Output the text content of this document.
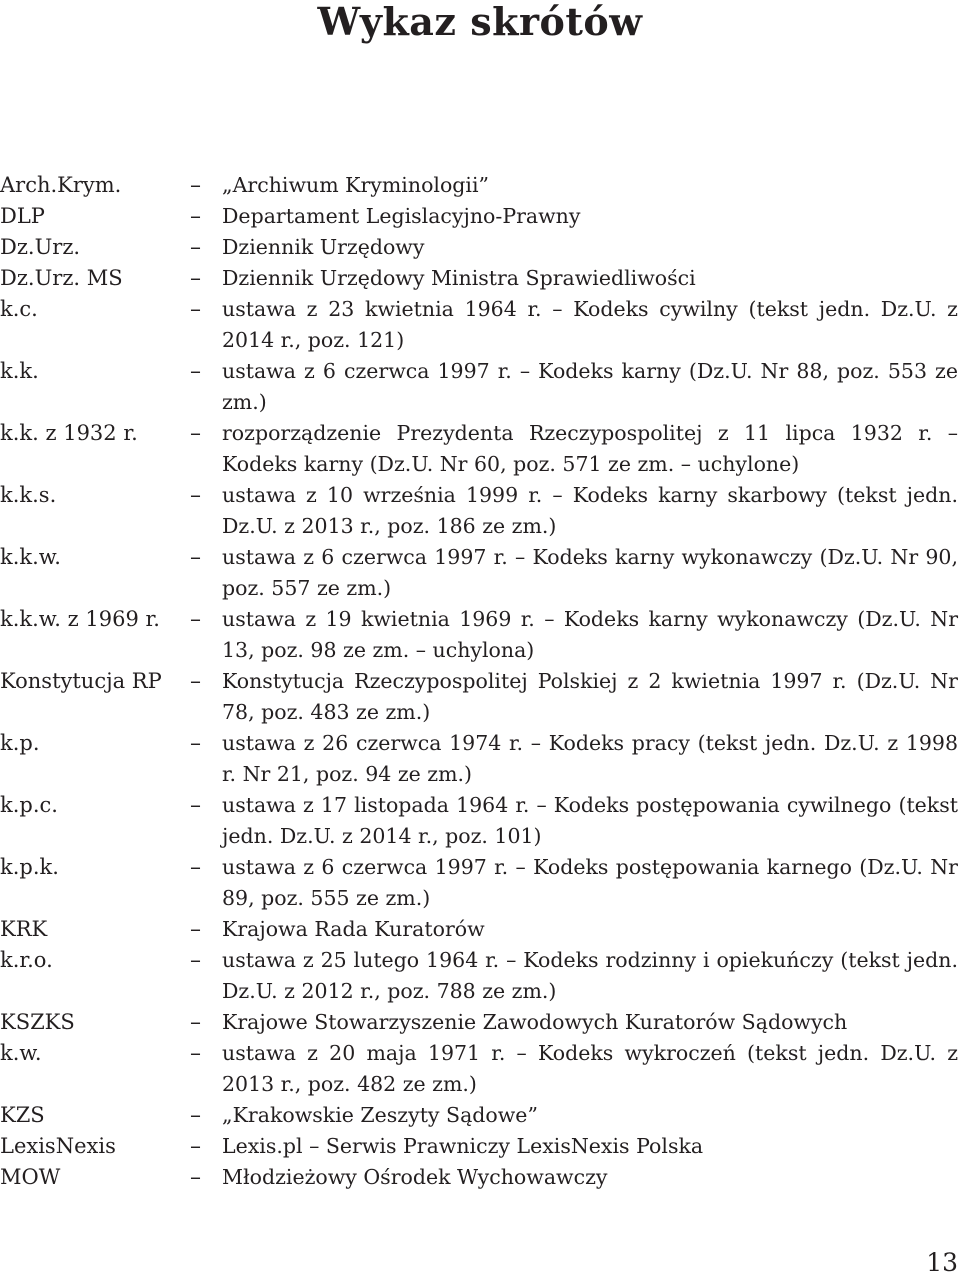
Wykaz skrótów
Arch.Krym.	–	„Archiwum Kryminologii”
DLP	–	Departament Legislacyjno-Prawny
Dz.Urz.	–	Dziennik Urzędowy
Dz.Urz. MS	–	Dziennik Urzędowy Ministra Sprawiedliwości
k.c.	–	ustawa z 23 kwietnia 1964 r. – Kodeks cywilny (tekst jedn. Dz.U. z 2014 r., poz. 121)
k.k.	–	ustawa z 6 czerwca 1997 r. – Kodeks karny (Dz.U. Nr 88, poz. 553 ze zm.)
k.k. z 1932 r.	–	rozporządzenie Prezydenta Rzeczypospolitej z 11 lipca 1932 r. – Kodeks karny (Dz.U. Nr 60, poz. 571 ze zm. – uchylone)
k.k.s.	–	ustawa z 10 września 1999 r. – Kodeks karny skarbowy (tekst jedn. Dz.U. z 2013 r., poz. 186 ze zm.)
k.k.w.	–	ustawa z 6 czerwca 1997 r. – Kodeks karny wykonawczy (Dz.U. Nr 90, poz. 557 ze zm.)
k.k.w. z 1969 r.	–	ustawa z 19 kwietnia 1969 r. – Kodeks karny wykonawczy (Dz.U. Nr 13, poz. 98 ze zm. – uchylona)
Konstytucja RP	–	Konstytucja Rzeczypospolitej Polskiej z 2 kwietnia 1997 r. (Dz.U. Nr 78, poz. 483 ze zm.)
k.p.	–	ustawa z 26 czerwca 1974 r. – Kodeks pracy (tekst jedn. Dz.U. z 1998 r. Nr 21, poz. 94 ze zm.)
k.p.c.	–	ustawa z 17 listopada 1964 r. – Kodeks postępowania cywilnego (tekst jedn. Dz.U. z 2014 r., poz. 101)
k.p.k.	–	ustawa z 6 czerwca 1997 r. – Kodeks postępowania karnego (Dz.U. Nr 89, poz. 555 ze zm.)
KRK	–	Krajowa Rada Kuratorów
k.r.o.	–	ustawa z 25 lutego 1964 r. – Kodeks rodzinny i opiekuńczy (tekst jedn. Dz.U. z 2012 r., poz. 788 ze zm.)
KSZKS	–	Krajowe Stowarzyszenie Zawodowych Kuratorów Sądowych
k.w.	–	ustawa z 20 maja 1971 r. – Kodeks wykroczeń (tekst jedn. Dz.U. z 2013 r., poz. 482 ze zm.)
KZS	–	„Krakowskie Zeszyty Sądowe”
LexisNexis	–	Lexis.pl – Serwis Prawniczy LexisNexis Polska
MOW	–	Młodzieżowy Ośrodek Wychowawczy
13
